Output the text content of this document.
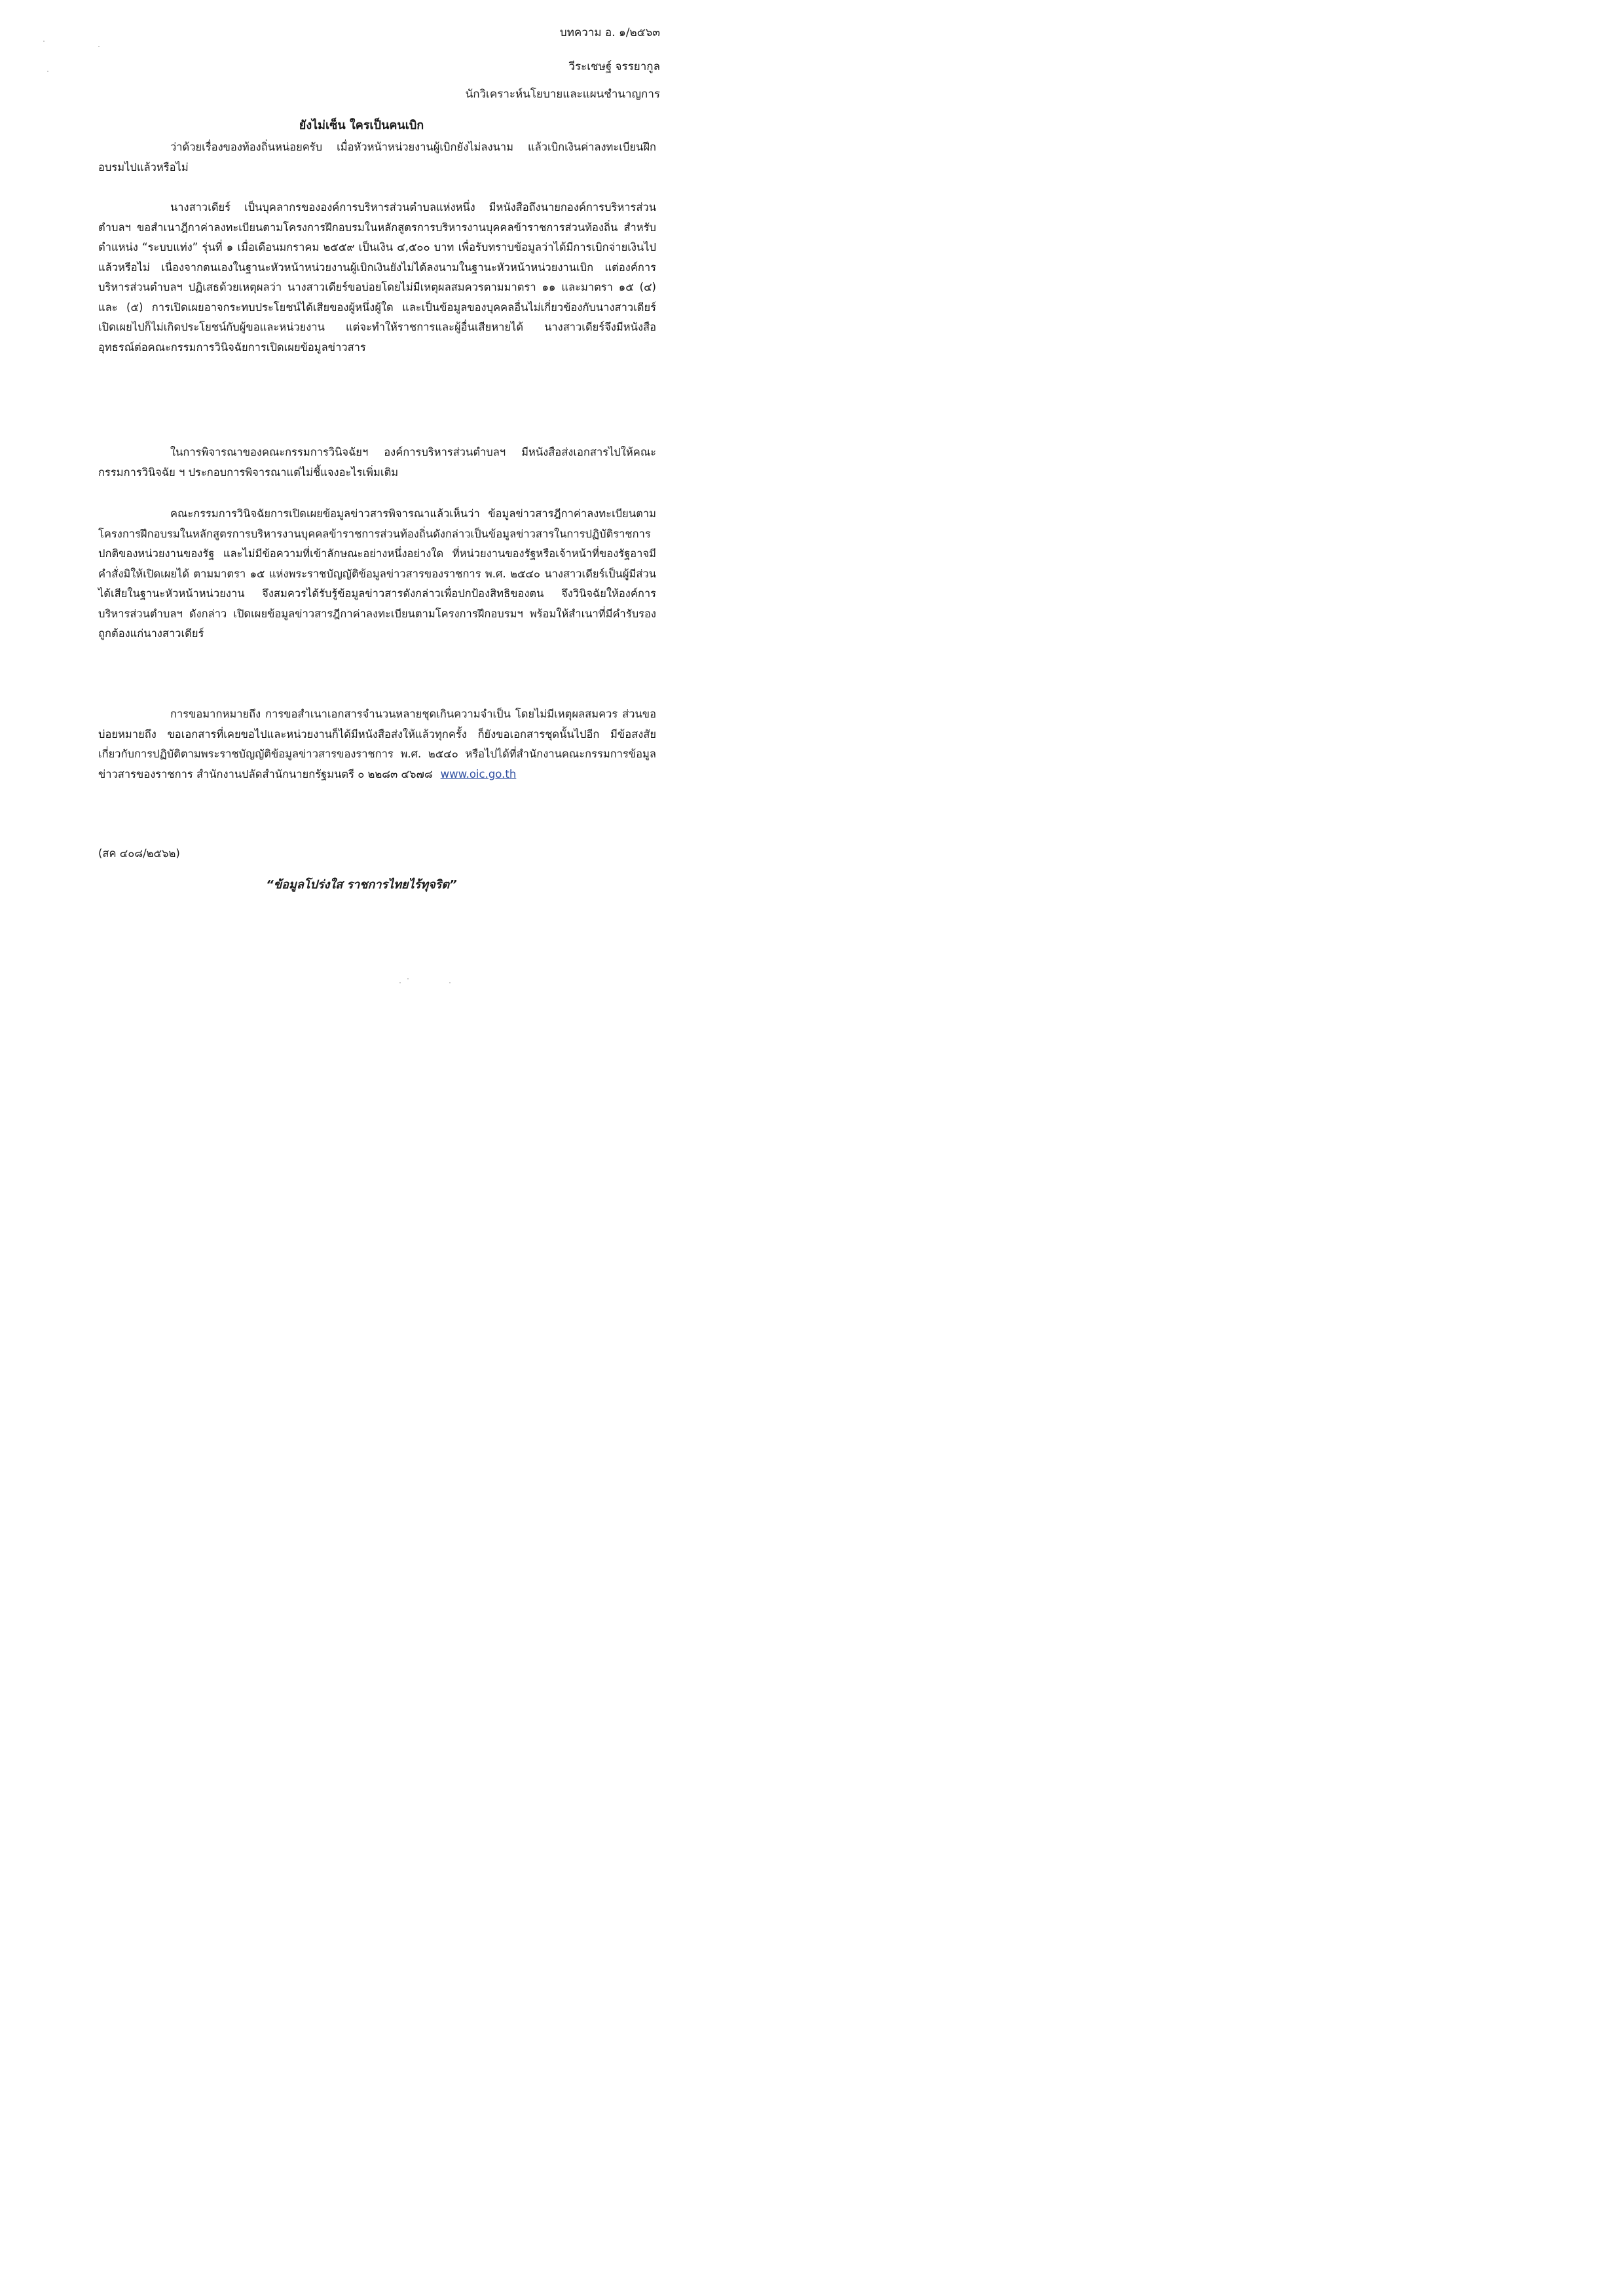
บทความ อ. ๑/๒๕๖๓
วีระเชษฐ์ จรรยากูล
นักวิเคราะห์นโยบายและแผนชำนาญการ
ยังไม่เซ็น ใครเป็นคนเบิก

ว่าด้วยเรื่องของท้องถิ่นหน่อยครับ เมื่อหัวหน้าหน่วยงานผู้เบิกยังไม่ลงนาม แล้วเบิกเงินค่าลงทะเบียนฝึกอบรมไปแล้วหรือไม่

นางสาวเดียร์ เป็นบุคลากรขององค์การบริหารส่วนตำบลแห่งหนึ่ง มีหนังสือถึงนายกองค์การบริหารส่วนตำบลฯ ขอสำเนาฎีกาค่าลงทะเบียนตามโครงการฝึกอบรมในหลักสูตรการบริหารงานบุคคลข้าราชการส่วนท้องถิ่น สำหรับตำแหน่ง “ระบบแท่ง” รุ่นที่ ๑ เมื่อเดือนมกราคม ๒๕๕๙ เป็นเงิน ๔,๕๐๐ บาท เพื่อรับทราบข้อมูลว่าได้มีการเบิกจ่ายเงินไปแล้วหรือไม่ เนื่องจากตนเองในฐานะหัวหน้าหน่วยงานผู้เบิกเงินยังไม่ได้ลงนามในฐานะหัวหน้าหน่วยงานเบิก แต่องค์การบริหารส่วนตำบลฯ ปฏิเสธด้วยเหตุผลว่า นางสาวเดียร์ขอบ่อยโดยไม่มีเหตุผลสมควรตามมาตรา ๑๑ และมาตรา ๑๕ (๔) และ (๕) การเปิดเผยอาจกระทบประโยชน์ได้เสียของผู้หนึ่งผู้ใด และเป็นข้อมูลของบุคคลอื่นไม่เกี่ยวข้องกับนางสาวเดียร์ เปิดเผยไปก็ไม่เกิดประโยชน์กับผู้ขอและหน่วยงาน แต่จะทำให้ราชการและผู้อื่นเสียหายได้ นางสาวเดียร์จึงมีหนังสืออุทธรณ์ต่อคณะกรรมการวินิจฉัยการเปิดเผยข้อมูลข่าวสาร

ในการพิจารณาของคณะกรรมการวินิจฉัยฯ องค์การบริหารส่วนตำบลฯ มีหนังสือส่งเอกสารไปให้คณะกรรมการวินิจฉัย ฯ ประกอบการพิจารณาแต่ไม่ชี้แจงอะไรเพิ่มเติม

คณะกรรมการวินิจฉัยการเปิดเผยข้อมูลข่าวสารพิจารณาแล้วเห็นว่า ข้อมูลข่าวสารฎีกาค่าลงทะเบียนตามโครงการฝึกอบรมในหลักสูตรการบริหารงานบุคคลข้าราชการส่วนท้องถิ่นดังกล่าวเป็นข้อมูลข่าวสารในการปฏิบัติราชการปกติของหน่วยงานของรัฐ และไม่มีข้อความที่เข้าลักษณะอย่างหนึ่งอย่างใด ที่หน่วยงานของรัฐหรือเจ้าหน้าที่ของรัฐอาจมีคำสั่งมิให้เปิดเผยได้ ตามมาตรา ๑๕ แห่งพระราชบัญญัติข้อมูลข่าวสารของราชการ พ.ศ. ๒๕๔๐ นางสาวเดียร์เป็นผู้มีส่วนได้เสียในฐานะหัวหน้าหน่วยงาน จึงสมควรได้รับรู้ข้อมูลข่าวสารดังกล่าวเพื่อปกป้องสิทธิของตน จึงวินิจฉัยให้องค์การบริหารส่วนตำบลฯ ดังกล่าว เปิดเผยข้อมูลข่าวสารฎีกาค่าลงทะเบียนตามโครงการฝึกอบรมฯ พร้อมให้สำเนาที่มีคำรับรองถูกต้องแก่นางสาวเดียร์

การขอมากหมายถึง การขอสำเนาเอกสารจำนวนหลายชุดเกินความจำเป็น โดยไม่มีเหตุผลสมควร ส่วนขอบ่อยหมายถึง ขอเอกสารที่เคยขอไปและหน่วยงานก็ได้มีหนังสือส่งให้แล้วทุกครั้ง ก็ยังขอเอกสารชุดนั้นไปอีก มีข้อสงสัยเกี่ยวกับการปฏิบัติตามพระราชบัญญัติข้อมูลข่าวสารของราชการ พ.ศ. ๒๕๔๐ หรือไปได้ที่สำนักงานคณะกรรมการข้อมูลข่าวสารของราชการ สำนักงานปลัดสำนักนายกรัฐมนตรี ๐ ๒๒๘๓ ๔๖๗๘ www.oic.go.th

(สค ๔๐๘/๒๕๖๒)
“ข้อมูลโปร่งใส ราชการไทยไร้ทุจริต”
